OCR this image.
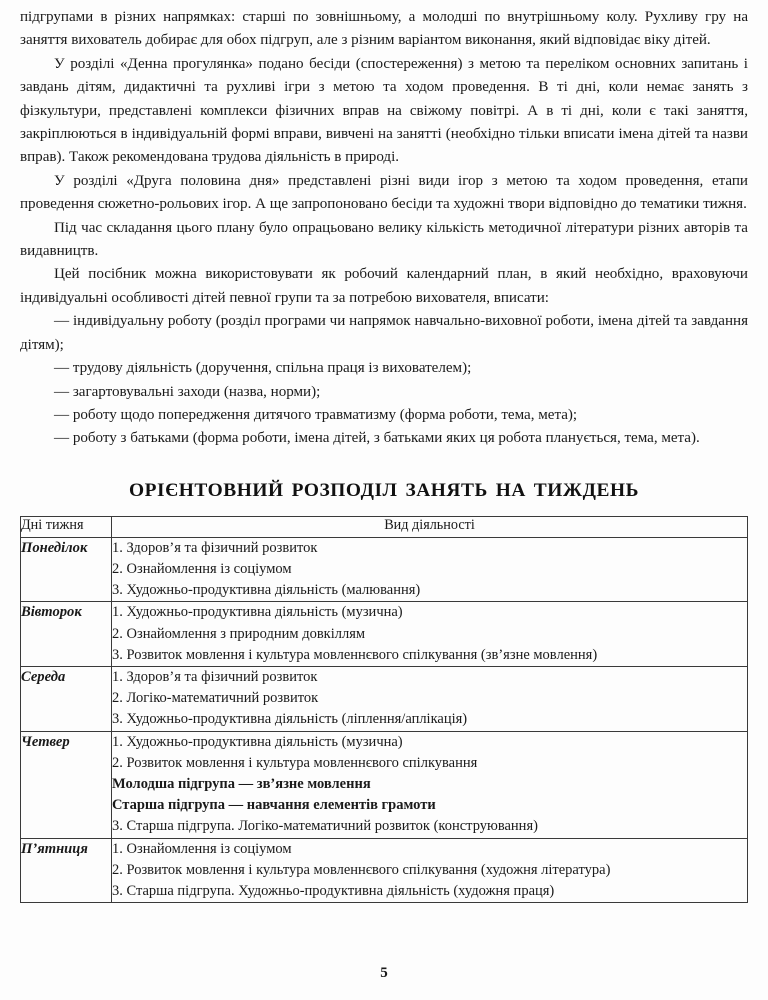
підгрупами в різних напрямках: старші по зовнішньому, а молодші по внутрішньому колу. Рухливу гру на заняття вихователь добирає для обох підгруп, але з різним варіантом виконання, який відповідає віку дітей.

У розділі «Денна прогулянка» подано бесіди (спостереження) з метою та переліком основних запитань і завдань дітям, дидактичні та рухливі ігри з метою та ходом проведення. В ті дні, коли немає занять з фізкультури, представлені комплекси фізичних вправ на свіжому повітрі. А в ті дні, коли є такі заняття, закріплюються в індивідуальній формі вправи, вивчені на занятті (необхідно тільки вписати імена дітей та назви вправ). Також рекомендована трудова діяльність в природі.

У розділі «Друга половина дня» представлені різні види ігор з метою та ходом проведення, етапи проведення сюжетно-рольових ігор. А ще запропоновано бесіди та художні твори відповідно до тематики тижня.

Під час складання цього плану було опрацьовано велику кількість методичної літератури різних авторів та видавництв.

Цей посібник можна використовувати як робочий календарний план, в який необхідно, враховуючи індивідуальні особливості дітей певної групи та за потребою вихователя, вписати:

— індивідуальну роботу (розділ програми чи напрямок навчально-виховної роботи, імена дітей та завдання дітям);

— трудову діяльність (доручення, спільна праця із вихователем);

— загартовувальні заходи (назва, норми);

— роботу щодо попередження дитячого травматизму (форма роботи, тема, мета);

— роботу з батьками (форма роботи, імена дітей, з батьками яких ця робота планується, тема, мета).

ОРІЄНТОВНИЙ РОЗПОДІЛ ЗАНЯТЬ НА ТИЖДЕНЬ
Дні тижня	Вид діяльності
Понеділок	1. Здоров’я та фізичний розвиток
2. Ознайомлення із соціумом
3. Художньо-продуктивна діяльність (малювання)

Вівторок	1. Художньо-продуктивна діяльність (музична)
2. Ознайомлення з природним довкіллям
3. Розвиток мовлення і культура мовленнєвого спілкування (зв’язне мовлення)

Середа	1. Здоров’я та фізичний розвиток
2. Логіко-математичний розвиток
3. Художньо-продуктивна діяльність (ліплення/аплікація)

Четвер	1. Художньо-продуктивна діяльність (музична)
2. Розвиток мовлення і культура мовленнєвого спілкування
Молодша підгрупа — зв’язне мовлення
Старша підгрупа — навчання елементів грамоти
3. Старша підгрупа. Логіко-математичний розвиток (конструювання)

П’ятниця	1. Ознайомлення із соціумом
2. Розвиток мовлення і культура мовленнєвого спілкування (художня література)
3. Старша підгрупа. Художньо-продуктивна діяльність (художня праця)
5
